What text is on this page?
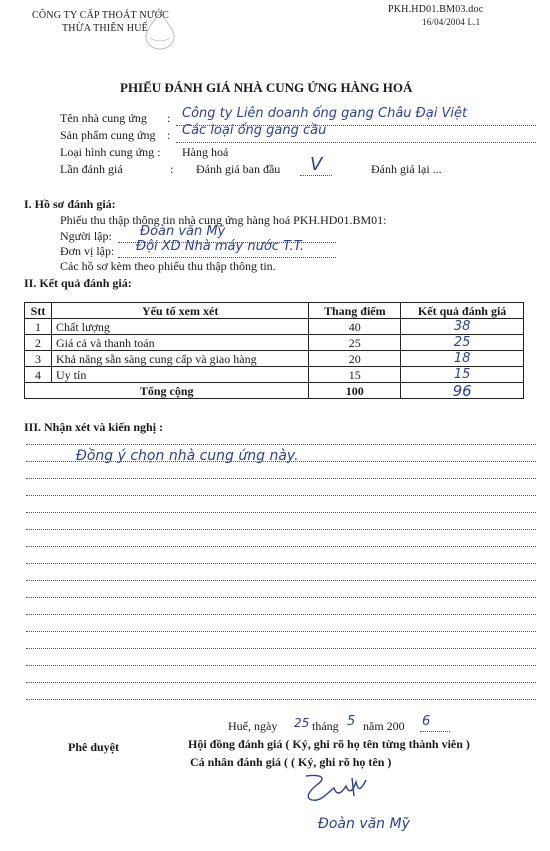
CÔNG TY CẤP THOÁT NƯỚC
THỪA THIÊN HUẾ
PKH.HD01.BM03.doc
16/04/2004 L.1
PHIẾU ĐÁNH GIÁ NHÀ CUNG ỨNG HÀNG HOÁ
Tên nhà cung ứng : Công ty Liên doanh ống gang Châu Đại Việt
Sản phẩm cung ứng : Các loại ống gang cầu
Loại hình cung ứng : Hàng hoá
Lần đánh giá	: Đánh giá ban đầu V	Đánh giá lại ...
I. Hồ sơ đánh giá:
Phiếu thu thập thông tin nhà cung ứng hàng hoá PKH.HD01.BM01:
Người lập: Đoàn văn Mỹ
Đơn vị lập: Đội XD Nhà máy nước T.T.
Các hồ sơ kèm theo phiếu thu thập thông tin.
II. Kết quả đánh giá:
Stt	Yếu tố xem xét	Thang điểm	Kết quả đánh giá
1	Chất lượng	40	38
2	Giá cả và thanh toán	25	25
3	Khả năng sẵn sàng cung cấp và giao hàng	20	18
4	Uy tín	15	15
Tổng cộng		100	96
III. Nhận xét và kiến nghị :
Đồng ý chọn nhà cung ứng này.
Huế, ngày 25 tháng 5 năm 200 6
Phê duyệt	Hội đồng đánh giá ( Ký, ghi rõ họ tên từng thành viên )
Cá nhân đánh giá ( ( Ký, ghi rõ họ tên )
Đoàn văn Mỹ
